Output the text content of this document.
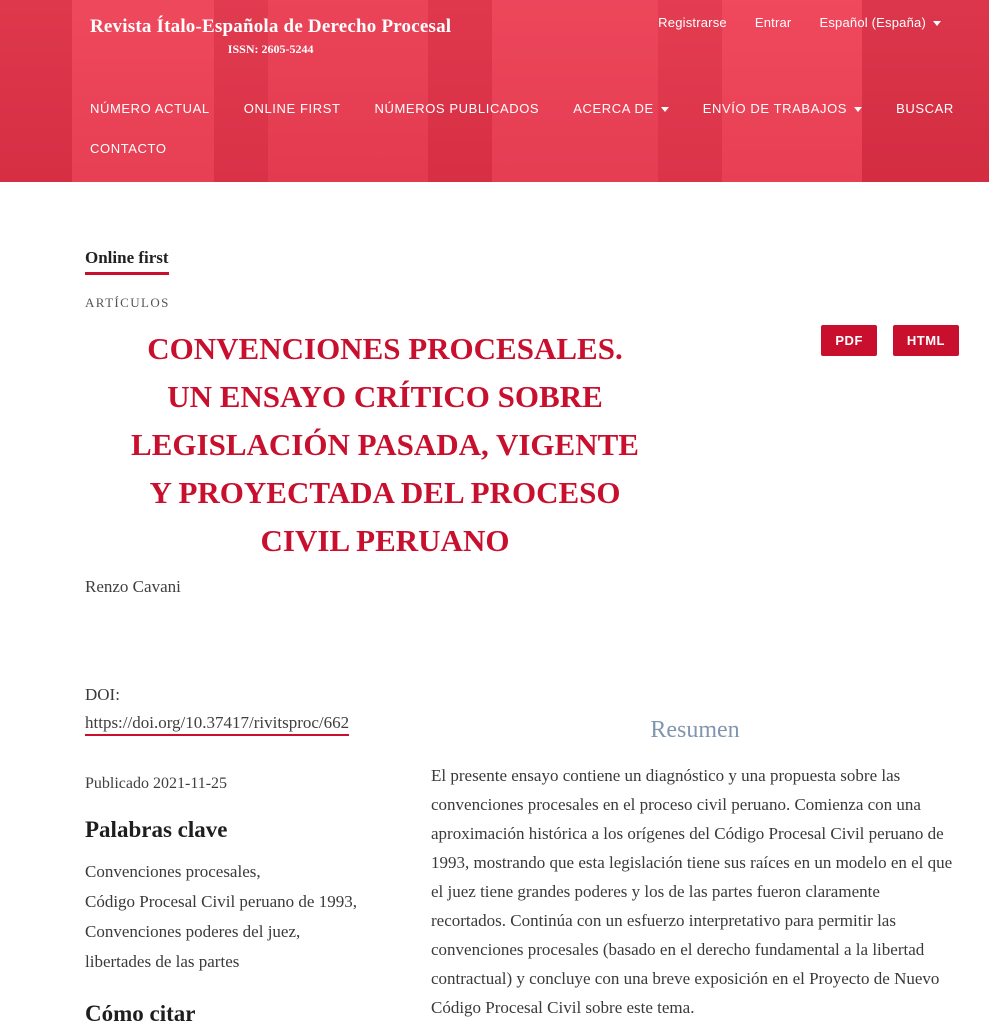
Revista Ítalo-Española de Derecho Procesal
ISSN: 2605-5244
Registrarse Entrar Español (España)
NÚMERO ACTUAL	ONLINE FIRST	NÚMEROS PUBLICADOS	ACERCA DE	ENVÍO DE TRABAJOS	BUSCAR
CONTACTO
Online first
ARTÍCULOS
CONVENCIONES PROCESALES. UN ENSAYO CRÍTICO SOBRE LEGISLACIÓN PASADA, VIGENTE Y PROYECTADA DEL PROCESO CIVIL PERUANO
PDF	HTML
Renzo Cavani
DOI:
https://doi.org/10.37417/rivitsproc/662
Publicado 2021-11-25
Palabras clave
Convenciones procesales,
Código Procesal Civil peruano de 1993,
Convenciones poderes del juez,
libertades de las partes
Cómo citar
Resumen

El presente ensayo contiene un diagnóstico y una propuesta sobre las convenciones procesales en el proceso civil peruano. Comienza con una aproximación histórica a los orígenes del Código Procesal Civil peruano de 1993, mostrando que esta legislación tiene sus raíces en un modelo en el que el juez tiene grandes poderes y los de las partes fueron claramente recortados. Continúa con un esfuerzo interpretativo para permitir las convenciones procesales (basado en el derecho fundamental a la libertad contractual) y concluye con una breve exposición en el Proyecto de Nuevo Código Procesal Civil sobre este tema.
